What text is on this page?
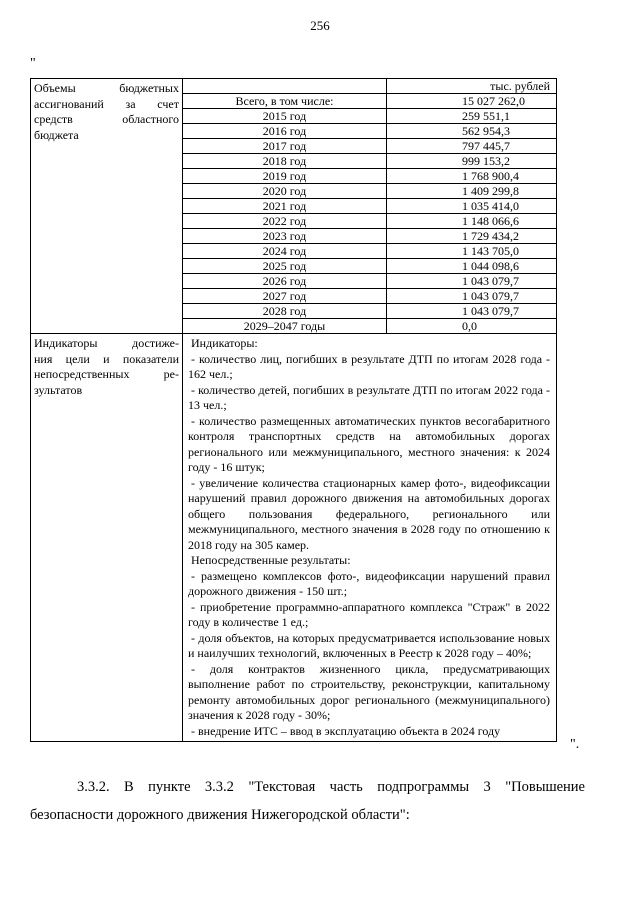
256
"
Объемы бюджетных
ассигнований за счет
средств областного
бюджета

	тыс. рублей
Всего, в том числе:	15 027 262,0
2015 год	259 551,1
2016 год	562 954,3
2017 год	797 445,7
2018 год	999 153,2
2019 год	1 768 900,4
2020 год	1 409 299,8
2021 год	1 035 414,0
2022 год	1 148 066,6
2023 год	1 729 434,2
2024 год	1 143 705,0
2025 год	1 044 098,6
2026 год	1 043 079,7
2027 год	1 043 079,7
2028 год	1 043 079,7
2029–2047 годы	0,0

Индикаторы достиже-
ния цели и показатели
непосредственных ре-
зультатов

Индикаторы:

- количество лиц, погибших в результате ДТП по итогам 2028 года - 162 чел.;

- количество детей, погибших в результате ДТП по итогам 2022 года - 13 чел.;

- количество размещенных автоматических пунктов весогабаритного контроля транспортных средств на автомобильных дорогах регионального или межмуниципального, местного значения: к 2024 году - 16 штук;

- увеличение количества стационарных камер фото-, видеофиксации нарушений правил дорожного движения на автомобильных дорогах общего пользования федерального, регионального или межмуниципального, местного значения в 2028 году по отношению к 2018 году на 305 камер.

Непосредственные результаты:

- размещено комплексов фото-, видеофиксации нарушений правил дорожного движения - 150 шт.;

- приобретение программно-аппаратного комплекса "Страж" в 2022 году в количестве 1 ед.;

- доля объектов, на которых предусматривается использование новых и наилучших технологий, включенных в Реестр к 2028 году – 40%;

- доля контрактов жизненного цикла, предусматривающих выполнение работ по строительству, реконструкции, капитальному ремонту автомобильных дорог регионального (межмуниципального) значения к 2028 году - 30%;

- внедрение ИТС – ввод в эксплуатацию объекта в 2024 году

".

3.3.2. В пункте 3.3.2 "Текстовая часть подпрограммы 3 "Повышение безопасности дорожного движения Нижегородской области":
